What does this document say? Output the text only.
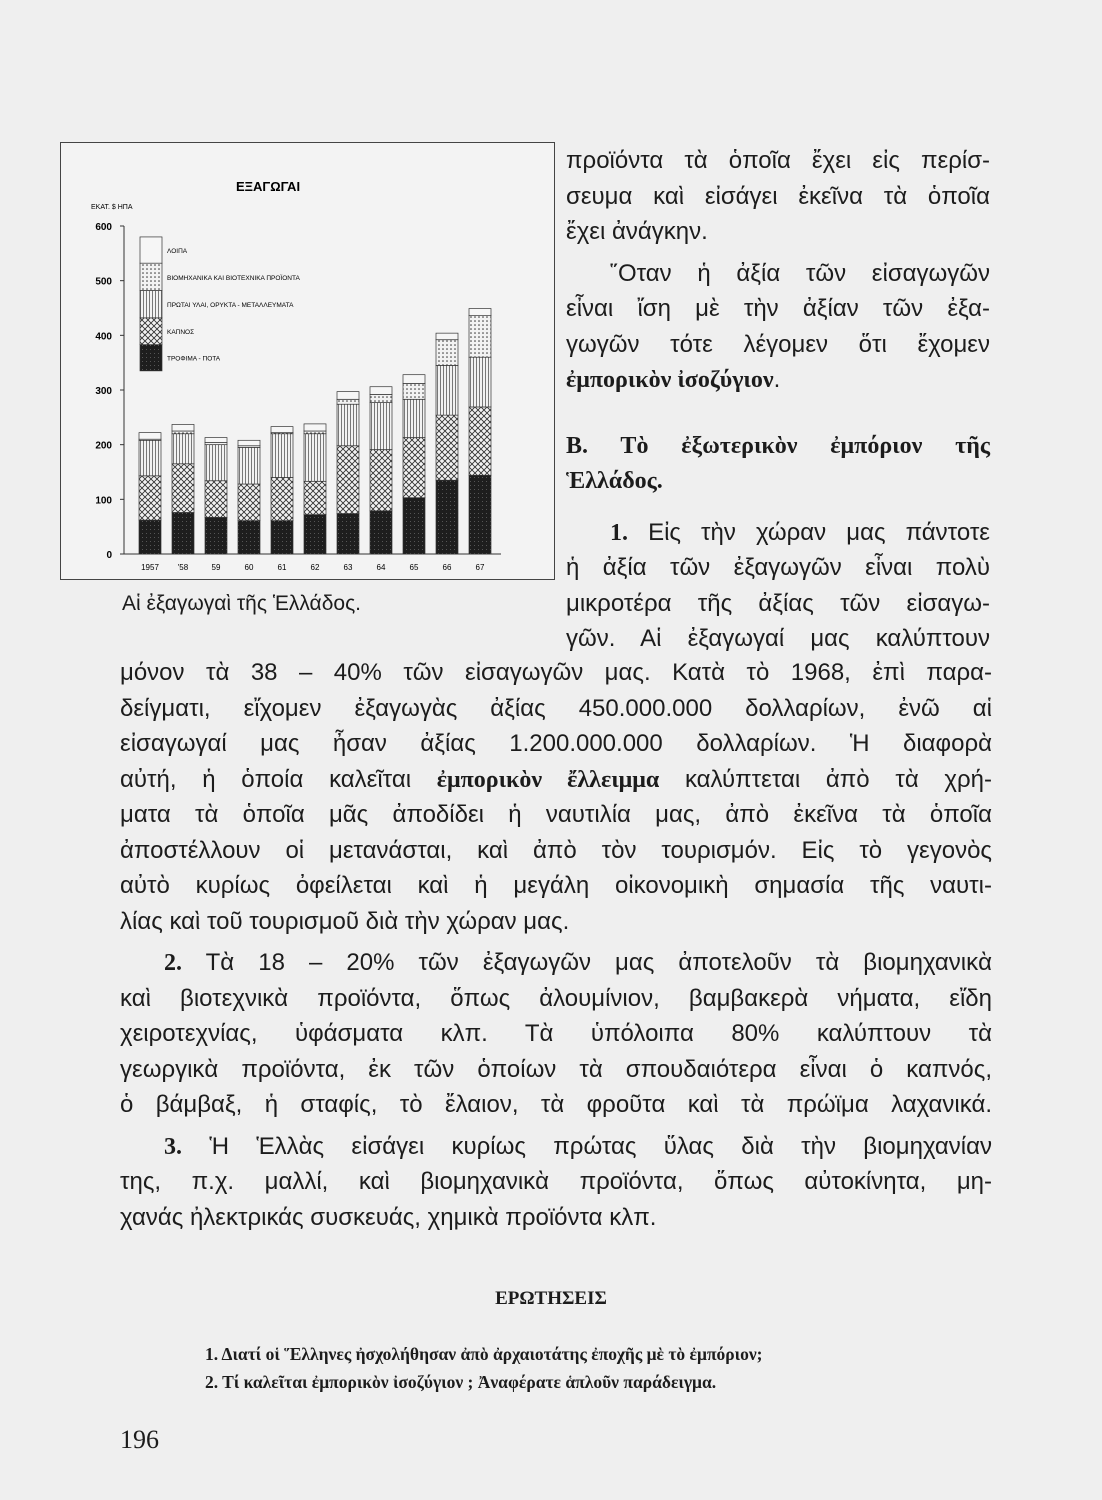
ΕΞΑΓΩΓΑΙ
ΕΚΑΤ. $ ΗΠΑ
0
100
200
300
400
500
600
1957 '58	59	60	61	62	63	64	65	66	67
ΤΡΟΦΙΜΑ - ΠΟΤΑ
ΚΑΠΝΟΣ
ΠΡΩΤΑΙ ΥΛΑΙ, ΟΡΥΚΤΑ - ΜΕΤΑΛΛΕΥΜΑΤΑ
ΒΙΟΜΗΧΑΝΙΚΑ ΚΑΙ ΒΙΟΤΕΧΝΙΚΑ ΠΡΟΪΟΝΤΑ
ΛΟΙΠΑ
Αἱ ἐξαγωγαὶ τῆς Ἑλλάδος.
προϊόντα τὰ ὁποῖα ἔχει εἰς περίσ-
σευμα καὶ εἰσάγει ἐκεῖνα τὰ ὁποῖα
ἔχει ἀνάγκην.
῞Οταν ἡ ἀξία τῶν εἰσαγωγῶν
εἶναι ἴση μὲ τὴν ἀξίαν τῶν ἐξα-
γωγῶν τότε λέγομεν ὅτι ἔχομεν
ἐμπορικὸν ἰσοζύγιον.
Β. Τὸ ἐξωτερικὸν ἐμπόριον τῆς
Ἑλλάδος.
1. Εἰς τὴν χώραν μας πάντοτε
ἡ ἀξία τῶν ἐξαγωγῶν εἶναι πολὺ
μικροτέρα τῆς ἀξίας τῶν εἰσαγω-
γῶν. Αἱ ἐξαγωγαί μας καλύπτουν
μόνον τὰ 38 – 40% τῶν εἰσαγωγῶν μας. Κατὰ τὸ 1968, ἐπὶ παρα-
δείγματι, εἴχομεν ἐξαγωγὰς ἀξίας 450.000.000 δολλαρίων, ἐνῶ αἱ
εἰσαγωγαί μας ἦσαν ἀξίας 1.200.000.000 δολλαρίων. Ἡ διαφορὰ
αὐτή, ἡ ὁποία καλεῖται ἐμπορικὸν ἔλλειμμα καλύπτεται ἀπὸ τὰ χρή-
ματα τὰ ὁποῖα μᾶς ἀποδίδει ἡ ναυτιλία μας, ἀπὸ ἐκεῖνα τὰ ὁποῖα
ἀποστέλλουν οἱ μετανάσται, καὶ ἀπὸ τὸν τουρισμόν. Εἰς τὸ γεγονὸς
αὐτὸ κυρίως ὀφείλεται καὶ ἡ μεγάλη οἰκονομικὴ σημασία τῆς ναυτι-
λίας καὶ τοῦ τουρισμοῦ διὰ τὴν χώραν μας.
2. Τὰ 18 – 20% τῶν ἐξαγωγῶν μας ἀποτελοῦν τὰ βιομηχανικὰ
καὶ βιοτεχνικὰ προϊόντα, ὅπως ἀλουμίνιον, βαμβακερὰ νήματα, εἴδη
χειροτεχνίας, ὑφάσματα κλπ. Τὰ ὑπόλοιπα 80% καλύπτουν τὰ
γεωργικὰ προϊόντα, ἐκ τῶν ὁποίων τὰ σπουδαιότερα εἶναι ὁ καπνός,
ὁ βάμβαξ, ἡ σταφίς, τὸ ἔλαιον, τὰ φροῦτα καὶ τὰ πρώϊμα λαχανικά.
3. Ἡ Ἑλλὰς εἰσάγει κυρίως πρώτας ὕλας διὰ τὴν βιομηχανίαν
της, π.χ. μαλλί, καὶ βιομηχανικὰ προϊόντα, ὅπως αὐτοκίνητα, μη-
χανάς ἠλεκτρικάς συσκευάς, χημικὰ προϊόντα κλπ.
ΕΡΩΤΗΣΕΙΣ
1. Διατί οἱ Ἕλληνες ἠσχολήθησαν ἀπὸ ἀρχαιοτάτης ἐποχῆς μὲ τὸ ἐμπόριον;
2. Τί καλεῖται ἐμπορικὸν ἰσοζύγιον ; Ἀναφέρατε ἁπλοῦν παράδειγμα.
196
